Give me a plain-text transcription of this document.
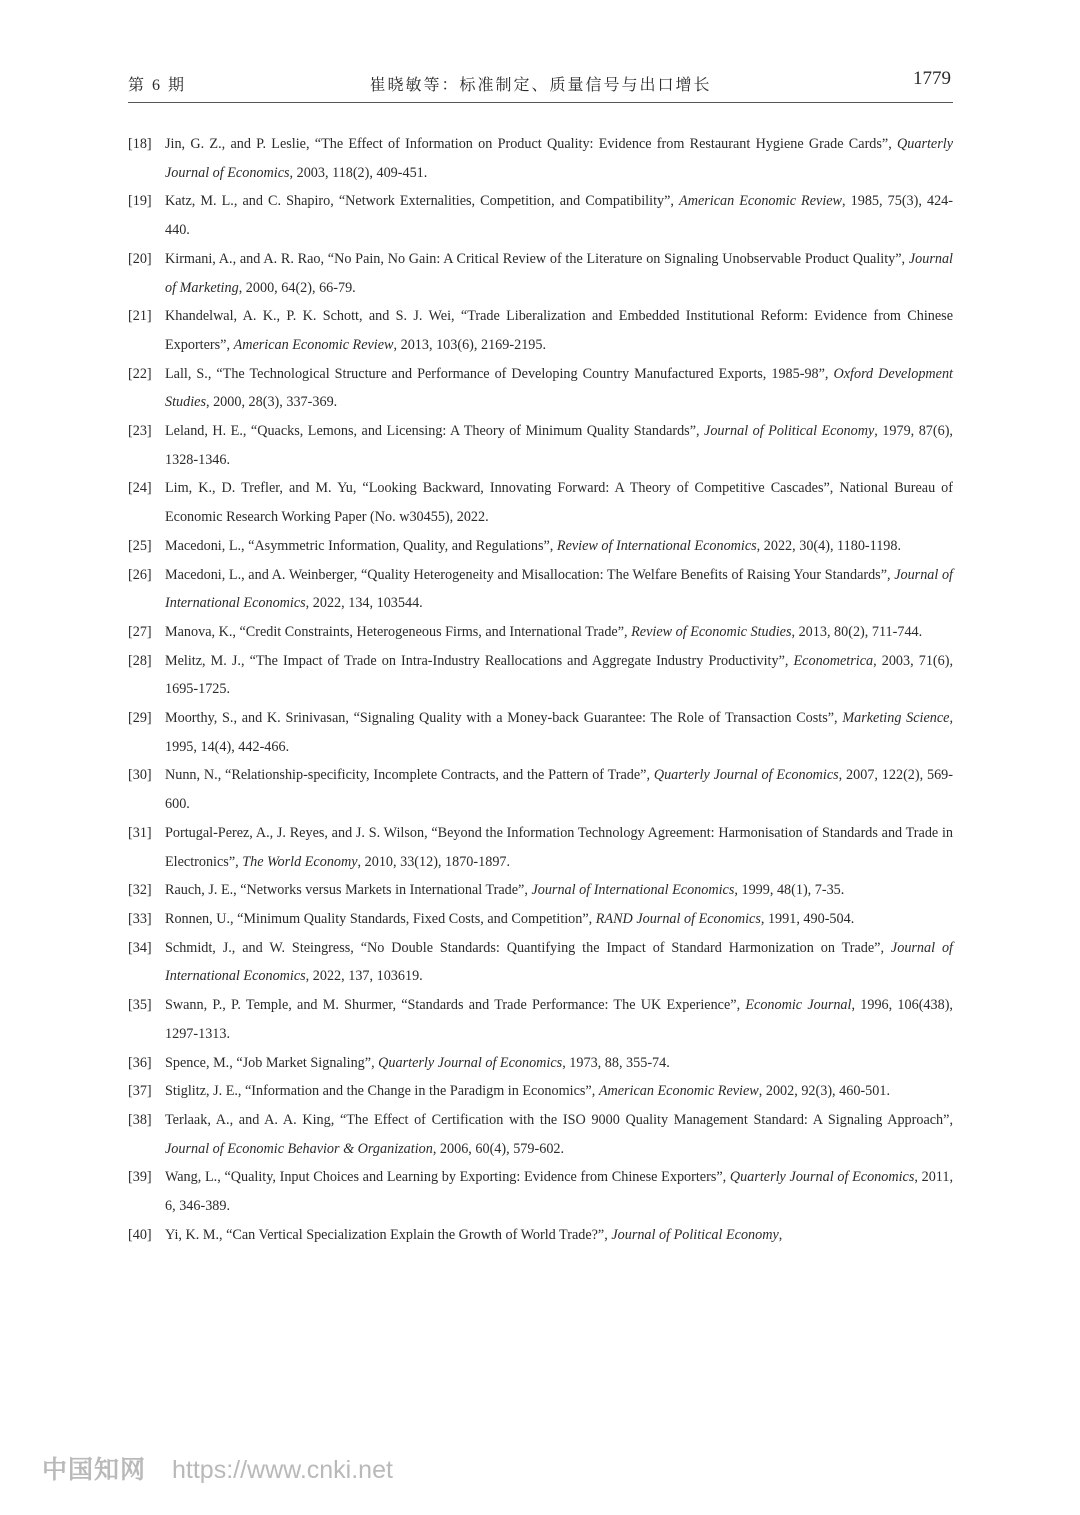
第 6 期	崔晓敏等：标准制定、质量信号与出口增长	1779
[18] Jin, G. Z., and P. Leslie, “The Effect of Information on Product Quality: Evidence from Restaurant Hygiene Grade Cards”, Quarterly Journal of Economics, 2003, 118(2), 409-451.
[19] Katz, M. L., and C. Shapiro, “Network Externalities, Competition, and Compatibility”, American Economic Review, 1985, 75(3), 424-440.
[20] Kirmani, A., and A. R. Rao, “No Pain, No Gain: A Critical Review of the Literature on Signaling Unobservable Product Quality”, Journal of Marketing, 2000, 64(2), 66-79.
[21] Khandelwal, A. K., P. K. Schott, and S. J. Wei, “Trade Liberalization and Embedded Institutional Reform: Evidence from Chinese Exporters”, American Economic Review, 2013, 103(6), 2169-2195.
[22] Lall, S., “The Technological Structure and Performance of Developing Country Manufactured Exports, 1985-98”, Oxford Development Studies, 2000, 28(3), 337-369.
[23] Leland, H. E., “Quacks, Lemons, and Licensing: A Theory of Minimum Quality Standards”, Journal of Political Economy, 1979, 87(6), 1328-1346.
[24] Lim, K., D. Trefler, and M. Yu, “Looking Backward, Innovating Forward: A Theory of Competitive Cascades”, National Bureau of Economic Research Working Paper (No. w30455), 2022.
[25] Macedoni, L., “Asymmetric Information, Quality, and Regulations”, Review of International Economics, 2022, 30(4), 1180-1198.
[26] Macedoni, L., and A. Weinberger, “Quality Heterogeneity and Misallocation: The Welfare Benefits of Raising Your Standards”, Journal of International Economics, 2022, 134, 103544.
[27] Manova, K., “Credit Constraints, Heterogeneous Firms, and International Trade”, Review of Economic Studies, 2013, 80(2), 711-744.
[28] Melitz, M. J., “The Impact of Trade on Intra-Industry Reallocations and Aggregate Industry Productivity”, Econometrica, 2003, 71(6), 1695-1725.
[29] Moorthy, S., and K. Srinivasan, “Signaling Quality with a Money-back Guarantee: The Role of Transaction Costs”, Marketing Science, 1995, 14(4), 442-466.
[30] Nunn, N., “Relationship-specificity, Incomplete Contracts, and the Pattern of Trade”, Quarterly Journal of Economics, 2007, 122(2), 569-600.
[31] Portugal-Perez, A., J. Reyes, and J. S. Wilson, “Beyond the Information Technology Agreement: Harmonisation of Standards and Trade in Electronics”, The World Economy, 2010, 33(12), 1870-1897.
[32] Rauch, J. E., “Networks versus Markets in International Trade”, Journal of International Economics, 1999, 48(1), 7-35.
[33] Ronnen, U., “Minimum Quality Standards, Fixed Costs, and Competition”, RAND Journal of Economics, 1991, 490-504.
[34] Schmidt, J., and W. Steingress, “No Double Standards: Quantifying the Impact of Standard Harmonization on Trade”, Journal of International Economics, 2022, 137, 103619.
[35] Swann, P., P. Temple, and M. Shurmer, “Standards and Trade Performance: The UK Experience”, Economic Journal, 1996, 106(438), 1297-1313.
[36] Spence, M., “Job Market Signaling”, Quarterly Journal of Economics, 1973, 88, 355-74.
[37] Stiglitz, J. E., “Information and the Change in the Paradigm in Economics”, American Economic Review, 2002, 92(3), 460-501.
[38] Terlaak, A., and A. A. King, “The Effect of Certification with the ISO 9000 Quality Management Standard: A Signaling Approach”, Journal of Economic Behavior & Organization, 2006, 60(4), 579-602.
[39] Wang, L., “Quality, Input Choices and Learning by Exporting: Evidence from Chinese Exporters”, Quarterly Journal of Economics, 2011, 6, 346-389.
[40] Yi, K. M., “Can Vertical Specialization Explain the Growth of World Trade?”, Journal of Political Economy,
中国知网 https://www.cnki.net
